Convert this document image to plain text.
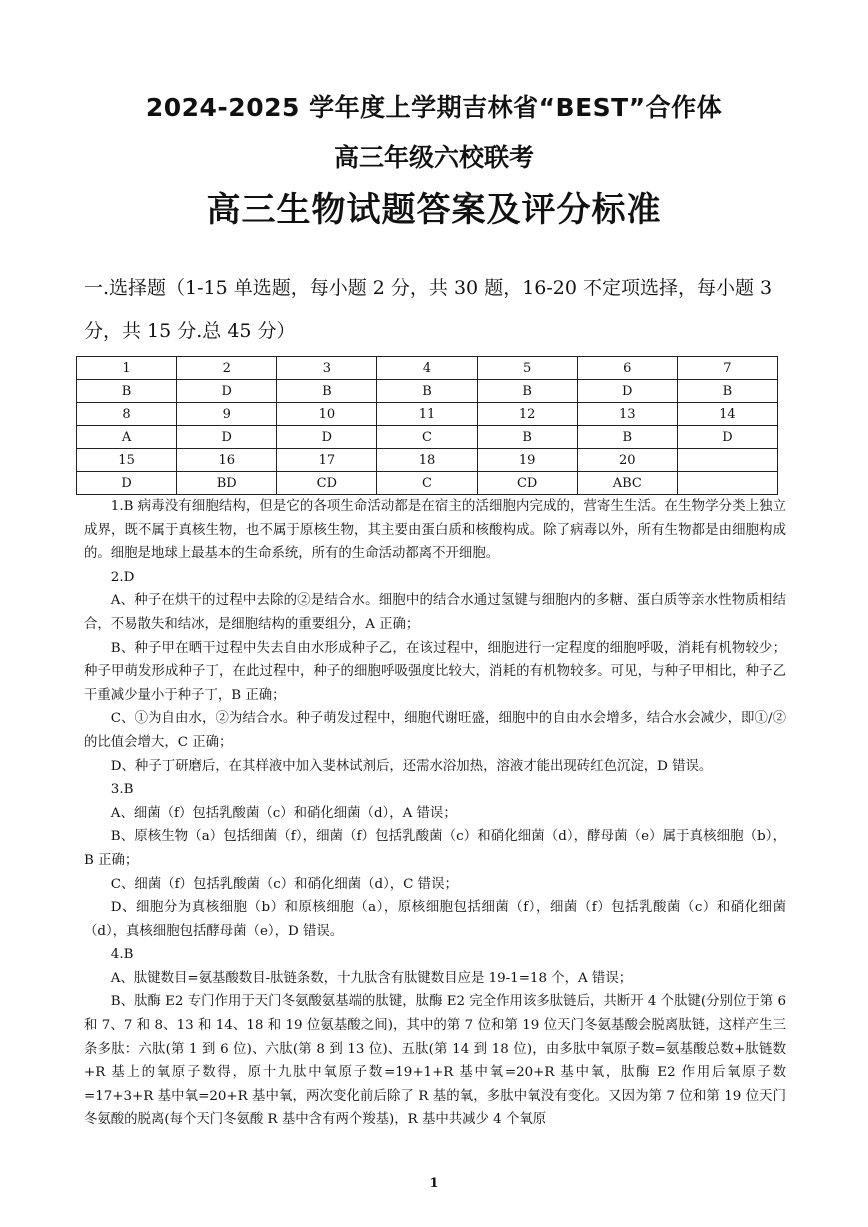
2024-2025 学年度上学期吉林省“BEST”合作体
高三年级六校联考
高三生物试题答案及评分标准
一.选择题（1-15 单选题，每小题 2 分，共 30 题，16-20 不定项选择，每小题 3
分，共 15 分.总 45 分）
1	2	3	4	5	6	7
B	D	B	B	B	D	B
8	9	10	11	12	13	14
A	D	D	C	B	B	D
15	16	17	18	19	20	
D	BD	CD	C	CD	ABC	

1.B 病毒没有细胞结构，但是它的各项生命活动都是在宿主的活细胞内完成的，营寄生生活。在生物学分类上独立成界，既不属于真核生物，也不属于原核生物，其主要由蛋白质和核酸构成。除了病毒以外，所有生物都是由细胞构成的。细胞是地球上最基本的生命系统，所有的生命活动都离不开细胞。

2.D

A、种子在烘干的过程中去除的②是结合水。细胞中的结合水通过氢键与细胞内的多糖、蛋白质等亲水性物质相结合，不易散失和结冰，是细胞结构的重要组分，A 正确；

B、种子甲在晒干过程中失去自由水形成种子乙，在该过程中，细胞进行一定程度的细胞呼吸，消耗有机物较少；种子甲萌发形成种子丁，在此过程中，种子的细胞呼吸强度比较大，消耗的有机物较多。可见，与种子甲相比，种子乙干重减少量小于种子丁，B 正确；

C、①为自由水，②为结合水。种子萌发过程中，细胞代谢旺盛，细胞中的自由水会增多，结合水会减少，即①/②的比值会增大，C 正确；

D、种子丁研磨后，在其样液中加入斐林试剂后，还需水浴加热，溶液才能出现砖红色沉淀，D 错误。

3.B

A、细菌（f）包括乳酸菌（c）和硝化细菌（d），A 错误；

B、原核生物（a）包括细菌（f），细菌（f）包括乳酸菌（c）和硝化细菌（d），酵母菌（e）属于真核细胞（b），B 正确；

C、细菌（f）包括乳酸菌（c）和硝化细菌（d），C 错误；

D、细胞分为真核细胞（b）和原核细胞（a），原核细胞包括细菌（f），细菌（f）包括乳酸菌（c）和硝化细菌（d），真核细胞包括酵母菌（e），D 错误。

4.B

A、肽键数目=氨基酸数目-肽链条数，十九肽含有肽键数目应是 19-1=18 个，A 错误；

B、肽酶 E2 专门作用于天门冬氨酸氨基端的肽键，肽酶 E2 完全作用该多肽链后，共断开 4 个肽键(分别位于第 6 和 7、7 和 8、13 和 14、18 和 19 位氨基酸之间)，其中的第 7 位和第 19 位天门冬氨基酸会脱离肽链，这样产生三条多肽：六肽(第 1 到 6 位)、六肽(第 8 到 13 位)、五肽(第 14 到 18 位)，由多肽中氧原子数=氨基酸总数+肽链数+R 基上的氧原子数得，原十九肽中氧原子数=19+1+R 基中氧=20+R 基中氧，肽酶 E2 作用后氧原子数=17+3+R 基中氧=20+R 基中氧，两次变化前后除了 R 基的氧，多肽中氧没有变化。又因为第 7 位和第 19 位天门冬氨酸的脱离(每个天门冬氨酸 R 基中含有两个羧基)，R 基中共减少 4 个氧原

1
